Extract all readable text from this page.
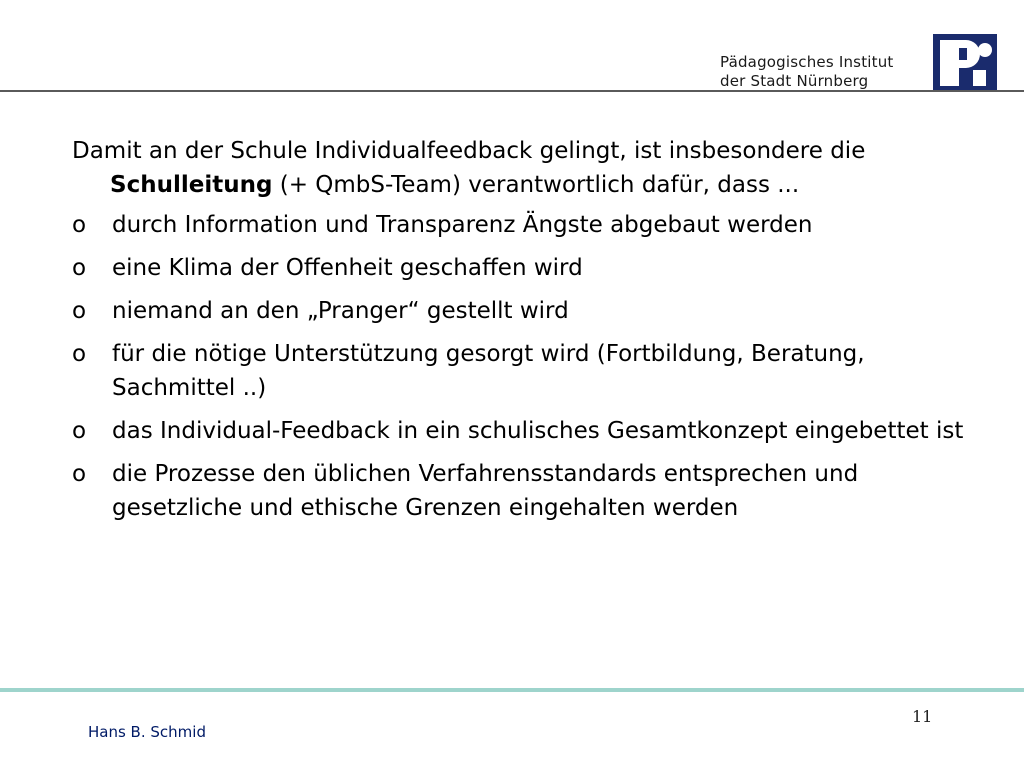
Pädagogisches Institut
der Stadt Nürnberg

Damit an der Schule Individualfeedback gelingt, ist insbesondere die Schulleitung (+ QmbS-Team) verantwortlich dafür, dass ...

o durch Information und Transparenz Ängste abgebaut werden
o eine Klima der Offenheit geschaffen wird
o niemand an den „Pranger“ gestellt wird
o für die nötige Unterstützung gesorgt wird (Fortbildung, Beratung, Sachmittel ..)
o das Individual-Feedback in ein schulisches Gesamtkonzept eingebettet ist
o die Prozesse den üblichen Verfahrensstandards entsprechen und gesetzliche und ethische Grenzen eingehalten werden
Hans B. Schmid
11
